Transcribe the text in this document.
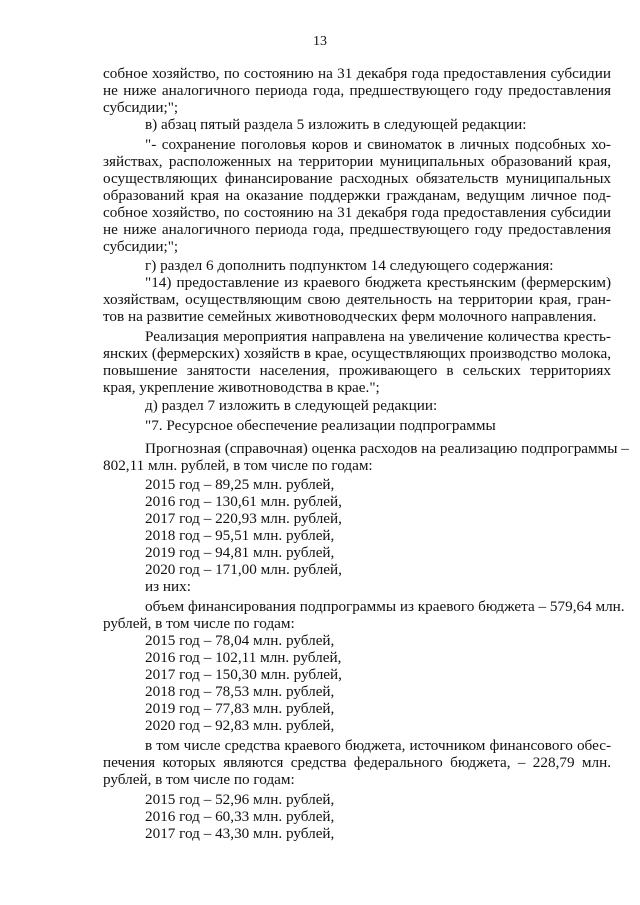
13
собное хозяйство, по состоянию на 31 декабря года предоставления субсидии
не ниже аналогичного периода года, предшествующего году предоставления
субсидии;";
в) абзац пятый раздела 5 изложить в следующей редакции:
"- сохранение поголовья коров и свиноматок в личных подсобных хо-
зяйствах, расположенных на территории муниципальных образований края,
осуществляющих финансирование расходных обязательств муниципальных
образований края на оказание поддержки гражданам, ведущим личное под-
собное хозяйство, по состоянию на 31 декабря года предоставления субсидии
не ниже аналогичного периода года, предшествующего году предоставления
субсидии;";
г) раздел 6 дополнить подпунктом 14 следующего содержания:
"14) предоставление из краевого бюджета крестьянским (фермерским)
хозяйствам, осуществляющим свою деятельность на территории края, гран-
тов на развитие семейных животноводческих ферм молочного направления.
Реализация мероприятия направлена на увеличение количества кресть-
янских (фермерских) хозяйств в крае, осуществляющих производство молока,
повышение занятости населения, проживающего в сельских территориях
края, укрепление животноводства в крае.";
д) раздел 7 изложить в следующей редакции:
"7. Ресурсное обеспечение реализации подпрограммы
Прогнозная (справочная) оценка расходов на реализацию подпрограммы –
802,11 млн. рублей, в том числе по годам:
2015 год – 89,25 млн. рублей,
2016 год – 130,61 млн. рублей,
2017 год – 220,93 млн. рублей,
2018 год – 95,51 млн. рублей,
2019 год – 94,81 млн. рублей,
2020 год – 171,00 млн. рублей,
из них:
объем финансирования подпрограммы из краевого бюджета – 579,64 млн.
рублей, в том числе по годам:
2015 год – 78,04 млн. рублей,
2016 год – 102,11 млн. рублей,
2017 год – 150,30 млн. рублей,
2018 год – 78,53 млн. рублей,
2019 год – 77,83 млн. рублей,
2020 год – 92,83 млн. рублей,
в том числе средства краевого бюджета, источником финансового обес-
печения которых являются средства федерального бюджета, – 228,79 млн.
рублей, в том числе по годам:
2015 год – 52,96 млн. рублей,
2016 год – 60,33 млн. рублей,
2017 год – 43,30 млн. рублей,
